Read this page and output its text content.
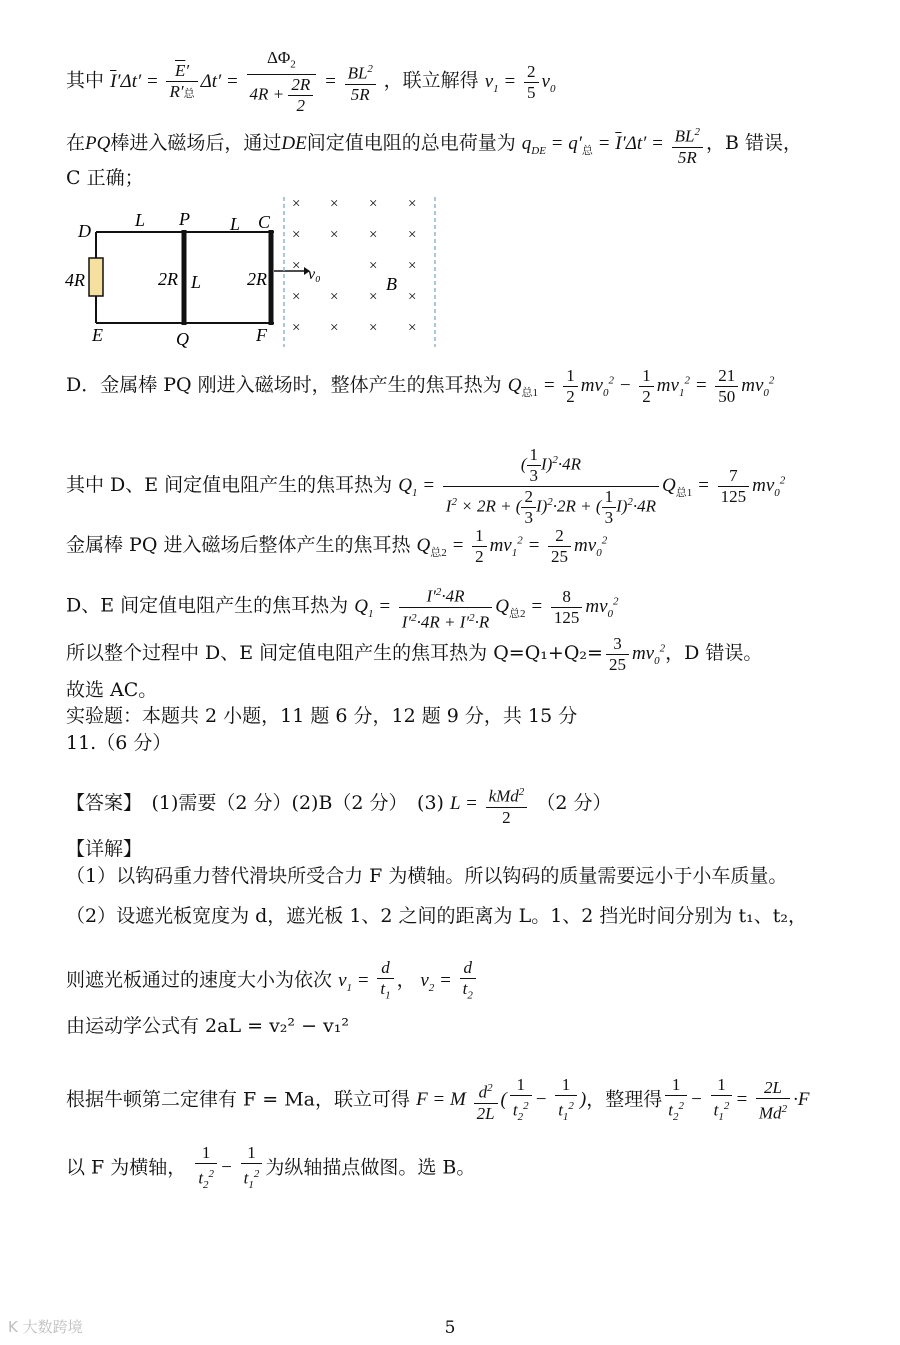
其中 $\overline{I}'\Delta t' = \frac{\overline{E}'}{\text{R′总}} \Delta t' = \frac{\Delta\Phi_2}{4R + \frac{2R}{2}} = \frac{BL^2}{5R}$ ，联立解得 $v_1 = \frac{2}{5} v_0$
在PQ棒进入磁场后，通过DE间定值电阻的总电荷量为 $q_{DE} = q'_总 = \overline{I}'\Delta t' = \frac{BL^2}{5R}$ ，B 错误，
C 正确；
× × × ×
× × × ×
×	× ×
× × × ×
× × × ×
D
L P L C
4R	2R L	2R	v₀	B
E	Q	F
D．金属棒 PQ 刚进入磁场时，整体产生的焦耳热为 $Q_{总1} = \frac{1}{2} mv_0^2 - \frac{1}{2} mv_1^2 = \frac{21}{50} mv_0^2$
其中 D、E 间定值电阻产生的焦耳热为 $Q_1 = \frac{( \frac{1}{3} I)^2\cdot 4R}{I^2 \times 2R + ( \frac{2}{3} I)^2\cdot 2R + ( \frac{1}{3} I)^2\cdot 4R} Q_{总1} = \frac{7}{125} mv_0^2$
金属棒 PQ 进入磁场后整体产生的焦耳热 $Q_{总2} = \frac{1}{2} mv_1^2 = \frac{2}{25} mv_0^2$
D、E 间定值电阻产生的焦耳热为 $Q_1 = \frac{I'^2\cdot 4R}{I'^2\cdot 4R + I'^2\cdot R} Q_{总2} = \frac{8}{125} mv_0^2$
所以整个过程中 D、E 间定值电阻产生的焦耳热为 $Q=Q_1+Q_2= \frac{3}{25} mv_0^2$，D 错误。
故选 AC。
实验题：本题共 2 小题，11 题 6 分，12 题 9 分，共 15 分
11.（6 分）
【答案】　(1)需要（2 分）(2)B（2 分）　(3) $L = \frac{kMd^2}{2} (2$ 分）
【详解】
（1）以钩码重力替代滑块所受合力 F 为横轴。所以钩码的质量需要远小于小车质量。
（2）设遮光板宽度为 d，遮光板 1、2 之间的距离为 L。1、2 挡光时间分别为 t₁、t₂，
则遮光板通过的速度大小为依次 $v_1 = \frac{d}{t_1}$ ， $v_2 = \frac{d}{t_2}$
由运动学公式有 2aL = v₂² − v₁²
根据牛顿第二定律有 F = Ma，联立可得 F = M $\frac{d^2}{2L}$ ( $\frac{1}{t_2^2} - \frac{1}{t_1^2}$ )，整理得 $\frac{1}{t_2^2} - \frac{1}{t_1^2} = \frac{2L}{Md^2} \cdot F$
以 F 为横轴， $\frac{1}{t_2^2} - \frac{1}{t_1^2}$ 为纵轴描点做图。选 B。
K 大数跨境	5
